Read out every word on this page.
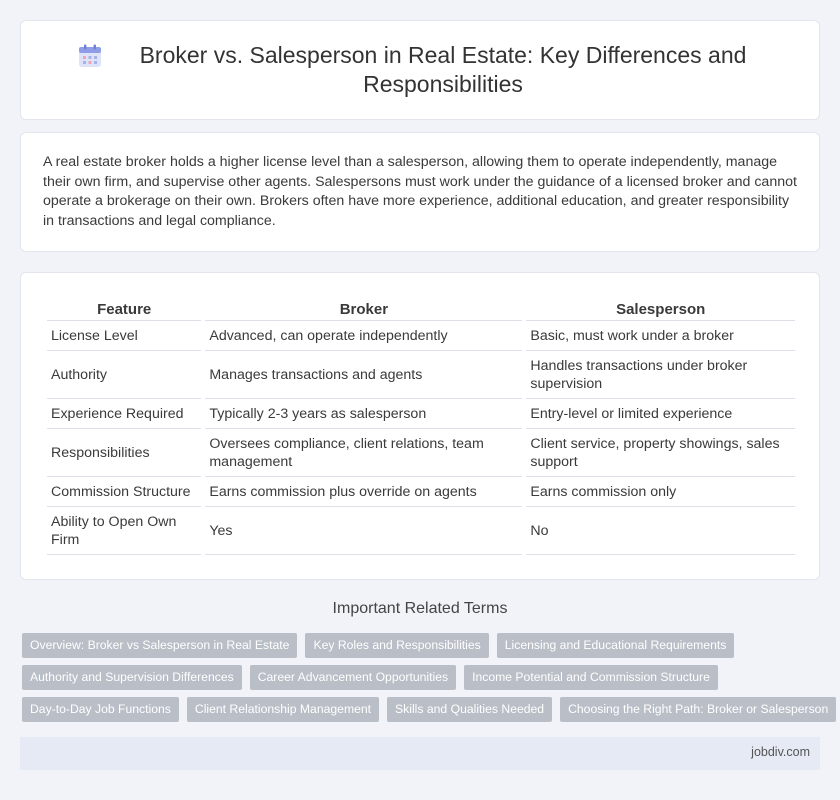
Broker vs. Salesperson in Real Estate: Key Differences and Responsibilities

A real estate broker holds a higher license level than a salesperson, allowing them to operate independently, manage their own firm, and supervise other agents. Salespersons must work under the guidance of a licensed broker and cannot operate a brokerage on their own. Brokers often have more experience, additional education, and greater responsibility in transactions and legal compliance.

Feature	Broker	Salesperson
License Level	Advanced, can operate independently	Basic, must work under a broker
Authority	Manages transactions and agents	Handles transactions under broker supervision
Experience Required	Typically 2-3 years as salesperson	Entry-level or limited experience
Responsibilities	Oversees compliance, client relations, team management	Client service, property showings, sales support
Commission Structure	Earns commission plus override on agents	Earns commission only
Ability to Open Own Firm	Yes	No
Important Related Terms
Overview: Broker vs Salesperson in Real Estate	Key Roles and Responsibilities	Licensing and Educational Requirements
Authority and Supervision Differences	Career Advancement Opportunities	Income Potential and Commission Structure
Day-to-Day Job Functions	Client Relationship Management	Skills and Qualities Needed	Choosing the Right Path: Broker or Salesperson
jobdiv.com
